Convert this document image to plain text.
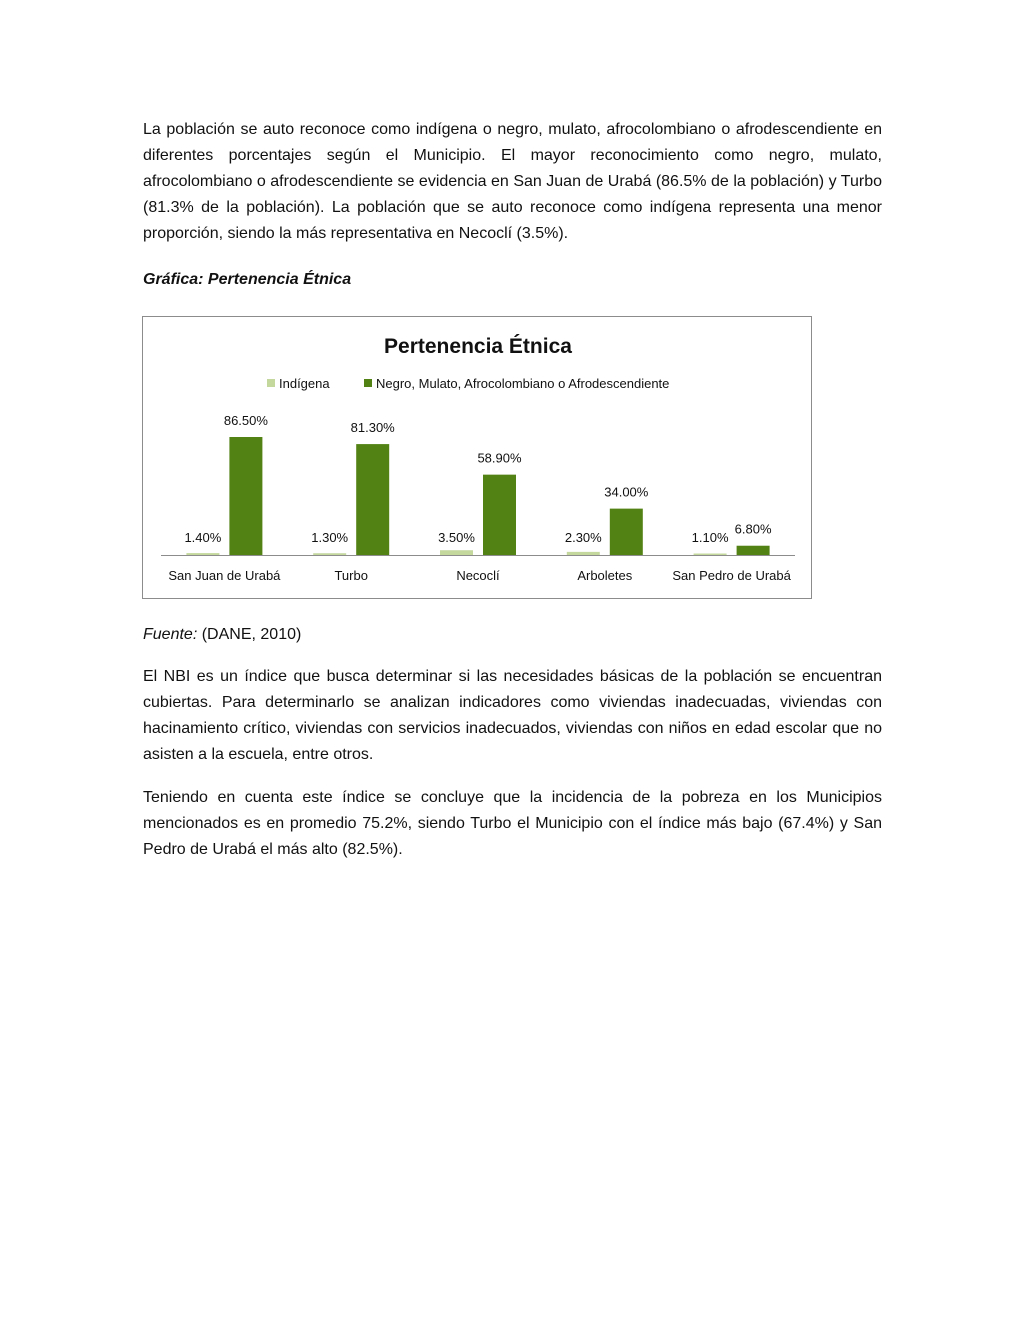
La población se auto reconoce como indígena o negro, mulato, afrocolombiano o afrodescendiente en diferentes porcentajes según el Municipio. El mayor reconocimiento como negro, mulato, afrocolombiano o afrodescendiente se evidencia en San Juan de Urabá (86.5% de la población) y Turbo (81.3% de la población). La población que se auto reconoce como indígena representa una menor proporción, siendo la más representativa en Necoclí (3.5%).

Gráfica: Pertenencia Étnica

Pertenencia Étnica
Indígena	Negro, Mulato, Afrocolombiano o Afrodescendiente
1.40%
86.50%
1.30%
81.30%
3.50%
58.90%
2.30%
34.00%
1.10%
6.80%
San Juan de Urabá	Turbo	Necoclí	Arboletes	San Pedro de Urabá

Fuente: (DANE, 2010)

El NBI es un índice que busca determinar si las necesidades básicas de la población se encuentran cubiertas. Para determinarlo se analizan indicadores como viviendas inadecuadas, viviendas con hacinamiento crítico, viviendas con servicios inadecuados, viviendas con niños en edad escolar que no asisten a la escuela, entre otros.

Teniendo en cuenta este índice se concluye que la incidencia de la pobreza en los Municipios mencionados es en promedio 75.2%, siendo Turbo el Municipio con el índice más bajo (67.4%) y San Pedro de Urabá el más alto (82.5%).
